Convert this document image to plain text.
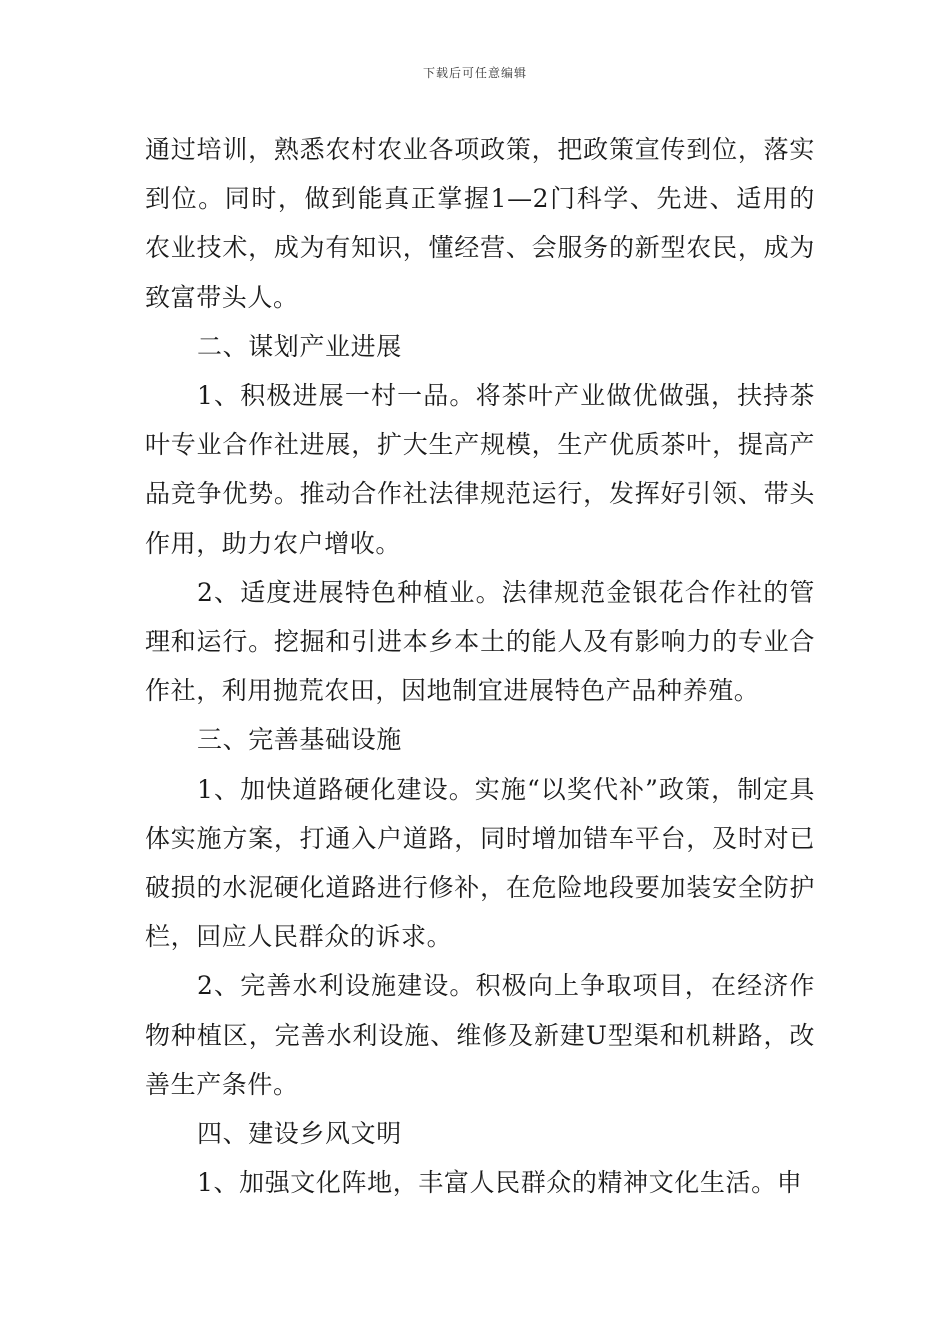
下载后可任意编辑

通过培训，熟悉农村农业各项政策，把政策宣传到位，落实到位。同时，做到能真正掌握1—2门科学、先进、适用的农业技术，成为有知识，懂经营、会服务的新型农民，成为致富带头人。

二、谋划产业进展

1、积极进展一村一品。将茶叶产业做优做强，扶持茶叶专业合作社进展，扩大生产规模，生产优质茶叶，提高产品竞争优势。推动合作社法律规范运行，发挥好引领、带头作用，助力农户增收。

2、适度进展特色种植业。法律规范金银花合作社的管理和运行。挖掘和引进本乡本土的能人及有影响力的专业合作社，利用抛荒农田，因地制宜进展特色产品种养殖。

三、完善基础设施

1、加快道路硬化建设。实施“以奖代补”政策，制定具体实施方案，打通入户道路，同时增加错车平台，及时对已破损的水泥硬化道路进行修补，在危险地段要加装安全防护栏，回应人民群众的诉求。

2、完善水利设施建设。积极向上争取项目，在经济作物种植区，完善水利设施、维修及新建U型渠和机耕路，改善生产条件。

四、建设乡风文明

1、加强文化阵地，丰富人民群众的精神文化生活。申
